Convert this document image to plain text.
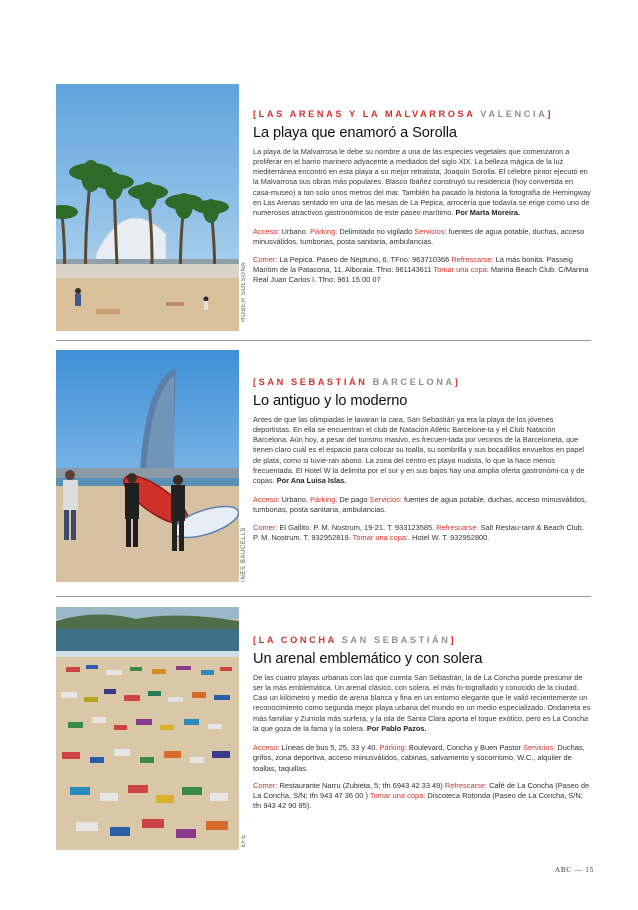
ROBER SOLSONA
[LAS ARENAS Y LA MALVARROSA VALENCIA]
La playa que enamoró a Sorolla

La playa de la Malvarrosa le debe su nombre a una de las especies vegetales que comenzaron a proliferar en el barrio marinero adyacente a mediados del siglo XIX. La belleza mágica de la luz mediterránea encontró en esta playa a su mejor retratista, Joaquín Sorolla. El célebre pintor ejecutó en la Malvarrosa sus obras más populares. Blasco Ibáñez construyó su residencia (hoy convertida en casa-museo) a tan solo unos metros del mar. También ha pasado la historia la fotografía de Hemingway en Las Arenas sentado en una de las mesas de La Pepica, arrocería que todavía se erige como uno de numerosos atractivos gastronómicos de este paseo marítimo. Por Marta Moreira.

Acceso: Urbano. Párking: Delimitado no vigilado Servicios: fuentes de agua potable, duchas, acceso minusválidos, tumbonas, posta sanitaria, ambulancias.

Comer: La Pepica. Paseo de Neptuno, 6. TFno: 963710366 Refrescarse: La más bonita. Passeig Marítim de la Patacona, 11. Alboraia. Tfno: 961143611 Tomar una copa: Marina Beach Club. C/Marina Real Juan Carlos I. Tfno: 961 15 00 07

INÉS BAUCELLS
[SAN SEBASTIÁN BARCELONA]
Lo antiguo y lo moderno

Antes de que las olimpiadas le lavaran la cara, San Sebastián ya era la playa de los jóvenes deportistas. En ella se encuentran el club de Natación Atlètic Barcelone-ta y el Club Natación Barcelona. Aún hoy, a pesar del turismo masivo, es frecuen-tada por vecinos de la Barceloneta, que tienen claro cuál es el espacio para colocar su toalla, su sombrilla y sus bocadillos envueltos en papel de plata, como si tuvie-ran abono. La zona del centro es playa nudista, lo que la hace menos frecuentada. El Hotel W la delimita por el sur y en sus bajos hay una amplia oferta gastronómi-ca y de copas. Por Ana Luisa Islas.

Acceso: Urbano. Párking: De pago Servicios: fuentes de agua potable, duchas, acceso minusválidos, tumbonas, posta sanitaria, ambulancias.

Comer: El Gallito. P. M. Nostrum, 19-21. T. 933123585. Refrescarse: Salt Restau-rant & Beach Club. P. M. Nostrum. T. 932952819. Tomar una copa:. Hotel W. T. 932952800.

EFE
[LA CONCHA SAN SEBASTIÁN]
Un arenal emblemático y con solera

De las cuatro playas urbanas con las que cuenta San Sebastián, la de La Concha puede presumir de ser la más emblemática. Un arenal clásico, con solera, el más fo-tografiado y conocido de la ciudad. Casi un kilómetro y medio de arena blanca y fina en un entorno elegante que le valió recientemente un reconocimiento como segunda mejor playa urbana del mundo en un medio especializado. Ondarreta es más familiar y Zurriola más surfera, y la isla de Santa Clara aporta el toque exótico, pero es La Concha la que goza de la fama y la solera. Por Pablo Pazos.

Acceso: Líneas de bus 5, 25, 33 y 40. Párking: Boulevard, Concha y Buen Pastor Servicios: Duchas, grifos, zona deportiva, acceso minusválidos, cabinas, salvamento y socorrismo, W.C., alquiler de toallas, taquillas.

Comer: Restaurante Narru (Zubieta, 5; tfn 6943 42 33 49) Refrescarse: Café de La Concha (Paseo de La Concha, S/N; tfn 943 47 36 00 ) Tomar una copa: Discoteca Rotonda (Paseo de La Concha, S/N; tfn 943 42 90 95).

ABC — 15
